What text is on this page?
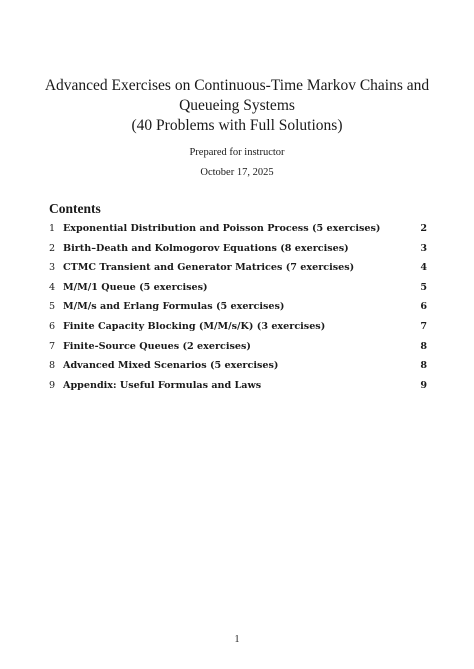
Advanced Exercises on Continuous-Time Markov Chains and

Queueing Systems

(40 Problems with Full Solutions)

Prepared for instructor
October 17, 2025
Contents
1 Exponential Distribution and Poisson Process (5 exercises)	2
2 Birth–Death and Kolmogorov Equations (8 exercises)	3
3 CTMC Transient and Generator Matrices (7 exercises)	4
4 M/M/1 Queue (5 exercises)	5
5 M/M/s and Erlang Formulas (5 exercises)	6
6 Finite Capacity Blocking (M/M/s/K) (3 exercises)	7
7 Finite-Source Queues (2 exercises)	8
8 Advanced Mixed Scenarios (5 exercises)	8
9 Appendix: Useful Formulas and Laws	9
1
